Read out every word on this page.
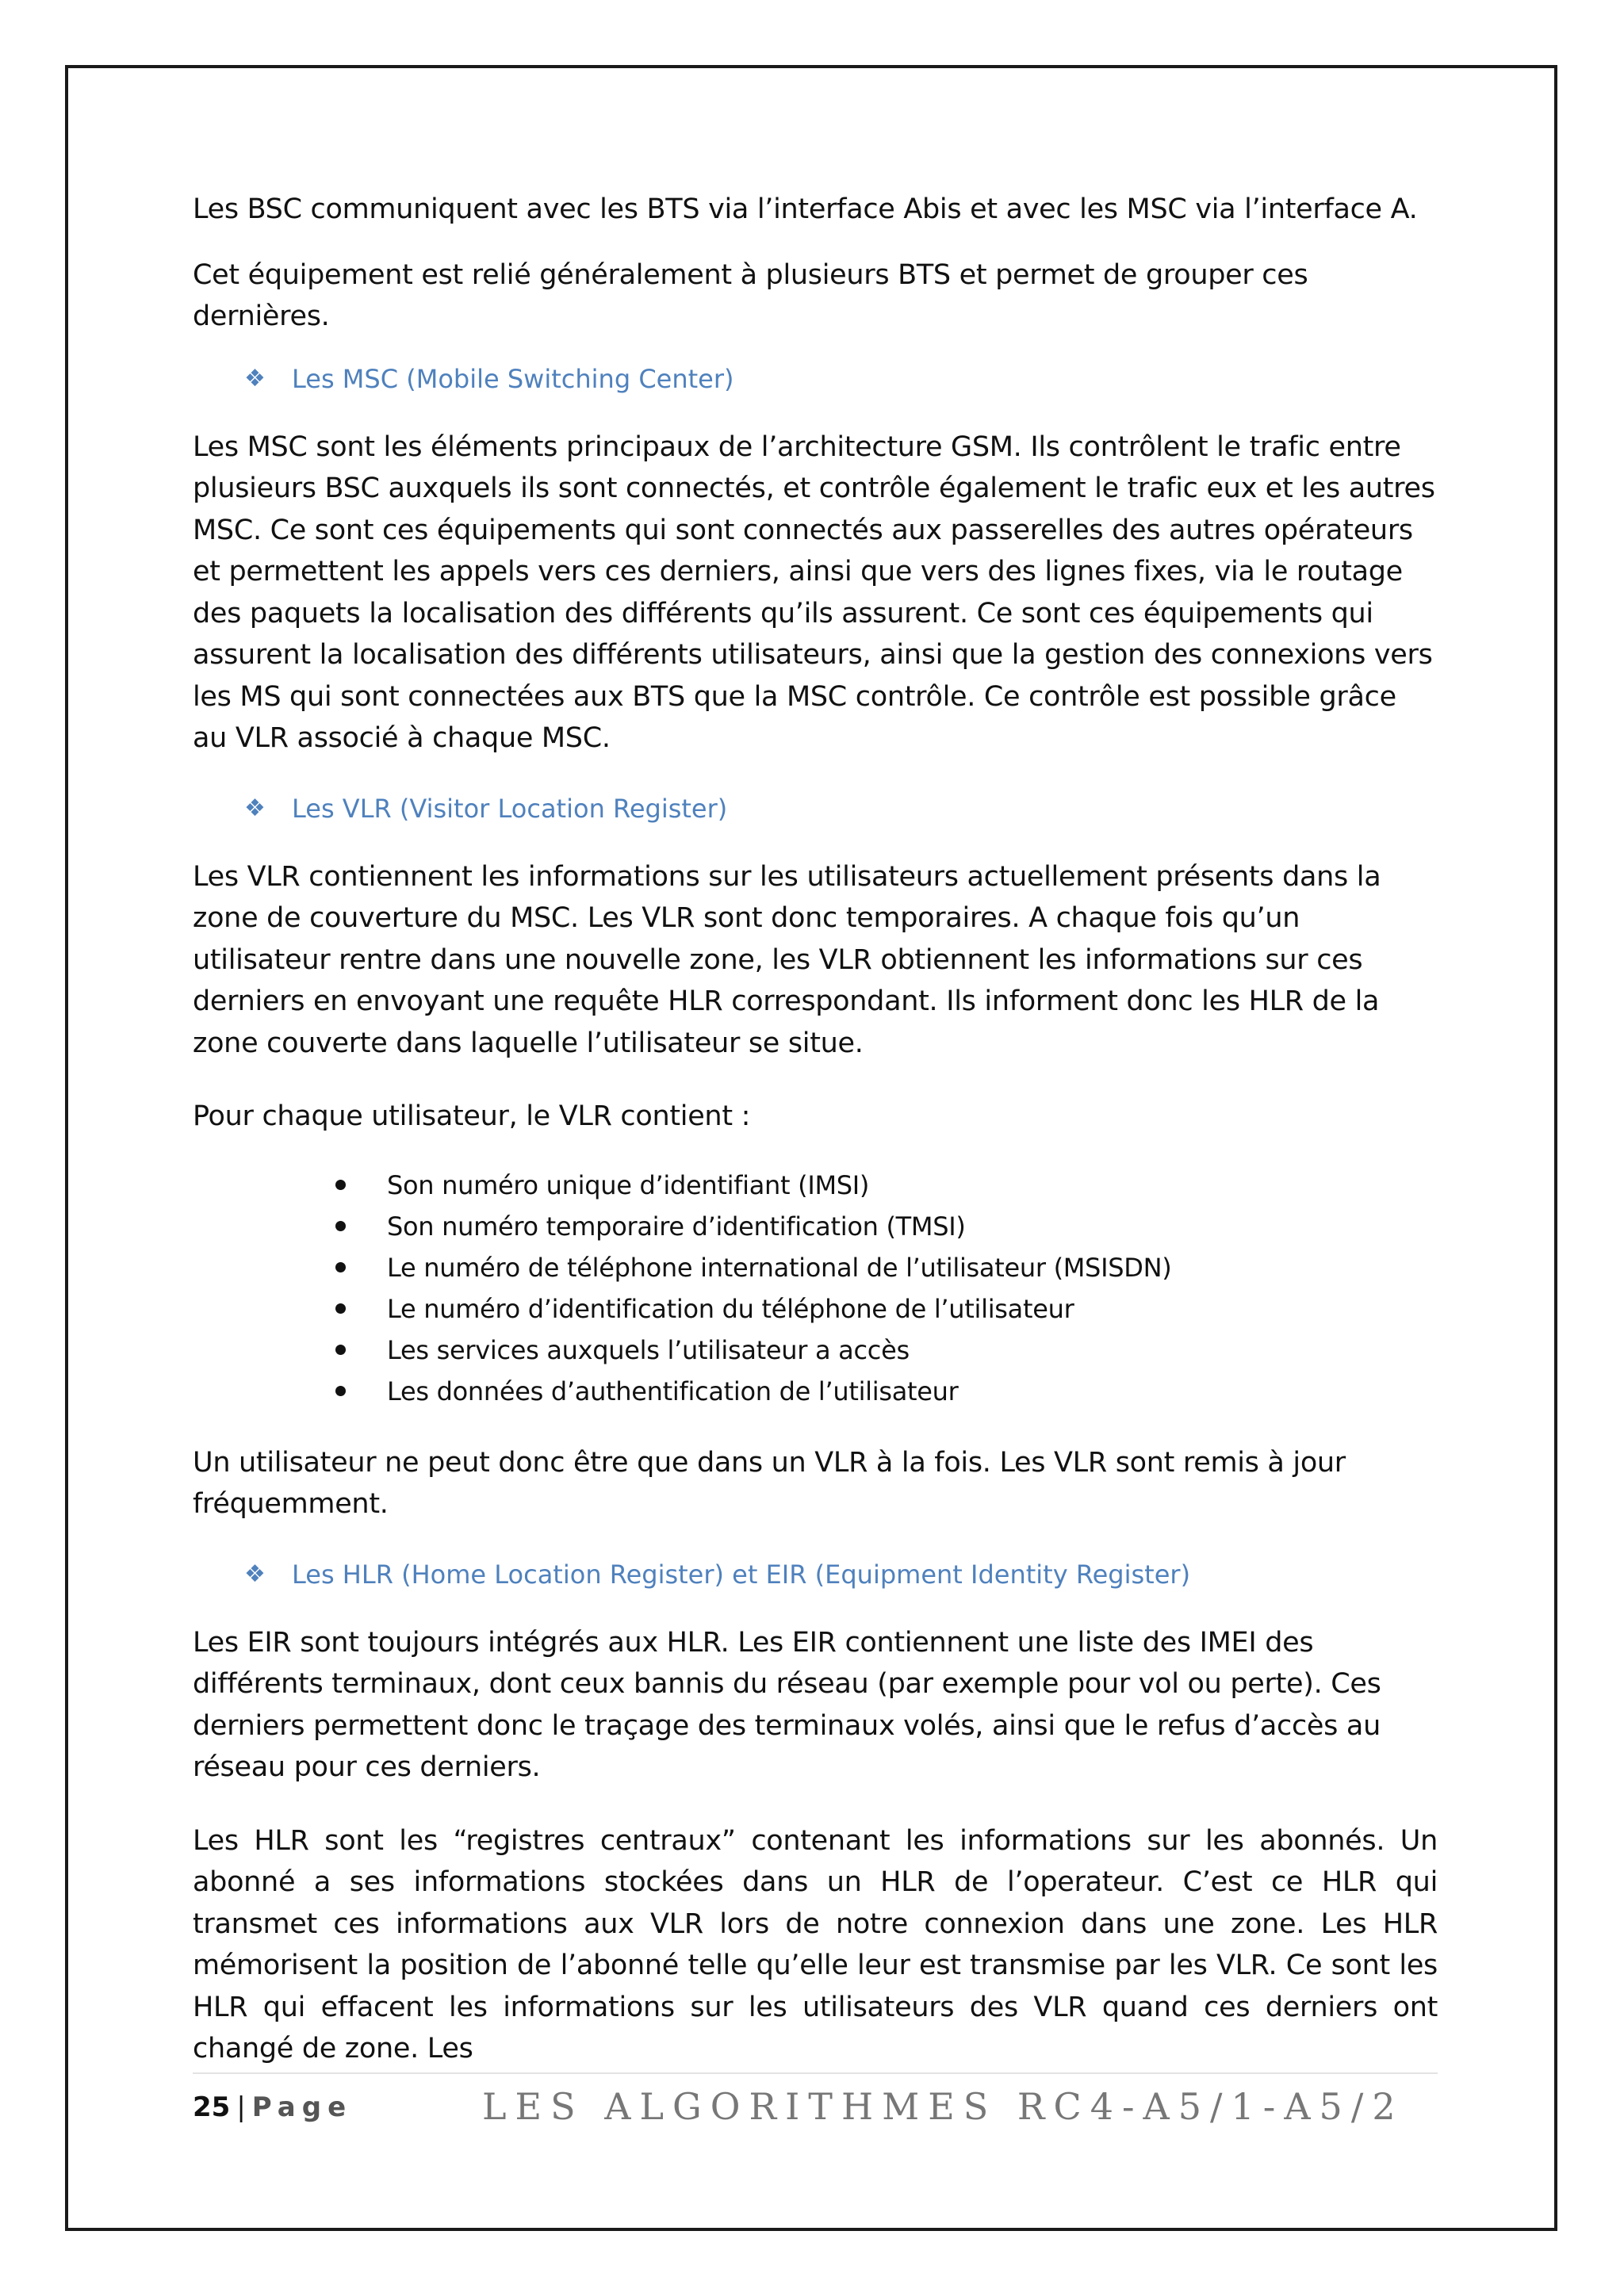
Les BSC communiquent avec les BTS via l’interface Abis et avec les MSC via l’interface A.

Cet équipement est relié généralement à plusieurs BTS et permet de grouper ces dernières.

❖	Les MSC (Mobile Switching Center)

Les MSC sont les éléments principaux de l’architecture GSM. Ils contrôlent le trafic entre plusieurs BSC auxquels ils sont connectés, et contrôle également le trafic eux et les autres MSC. Ce sont ces équipements qui sont connectés aux passerelles des autres opérateurs et permettent les appels vers ces derniers, ainsi que vers des lignes fixes, via le routage des paquets la localisation des différents qu’ils assurent. Ce sont ces équipements qui assurent la localisation des différents utilisateurs, ainsi que la gestion des connexions vers les MS qui sont connectées aux BTS que la MSC contrôle. Ce contrôle est possible grâce au VLR associé à chaque MSC.

❖	Les VLR (Visitor Location Register)

Les VLR contiennent les informations sur les utilisateurs actuellement présents dans la zone de couverture du MSC. Les VLR sont donc temporaires. A chaque fois qu’un utilisateur rentre dans une nouvelle zone, les VLR obtiennent les informations sur ces derniers en envoyant une requête HLR correspondant. Ils informent donc les HLR de la zone couverte dans laquelle l’utilisateur se situe.

Pour chaque utilisateur, le VLR contient :

Son numéro unique d’identifiant (IMSI)
Son numéro temporaire d’identification (TMSI)
Le numéro de téléphone international de l’utilisateur (MSISDN)
Le numéro d’identification du téléphone de l’utilisateur
Les services auxquels l’utilisateur a accès
Les données d’authentification de l’utilisateur

Un utilisateur ne peut donc être que dans un VLR à la fois. Les VLR sont remis à jour fréquemment.

❖	Les HLR (Home Location Register) et EIR (Equipment Identity Register)

Les EIR sont toujours intégrés aux HLR. Les EIR contiennent une liste des IMEI des différents terminaux, dont ceux bannis du réseau (par exemple pour vol ou perte). Ces derniers permettent donc le traçage des terminaux volés, ainsi que le refus d’accès au réseau pour ces derniers.

Les HLR sont les “registres centraux” contenant les informations sur les abonnés. Un abonné a ses informations stockées dans un HLR de l’operateur. C’est ce HLR qui transmet ces informations aux VLR lors de notre connexion dans une zone. Les HLR mémorisent la position de l’abonné telle qu’elle leur est transmise par les VLR. Ce sont les HLR qui effacent les informations sur les utilisateurs des VLR quand ces derniers ont changé de zone. Les

25 | Page	LES ALGORITHMES RC4-A5/1-A5/2
